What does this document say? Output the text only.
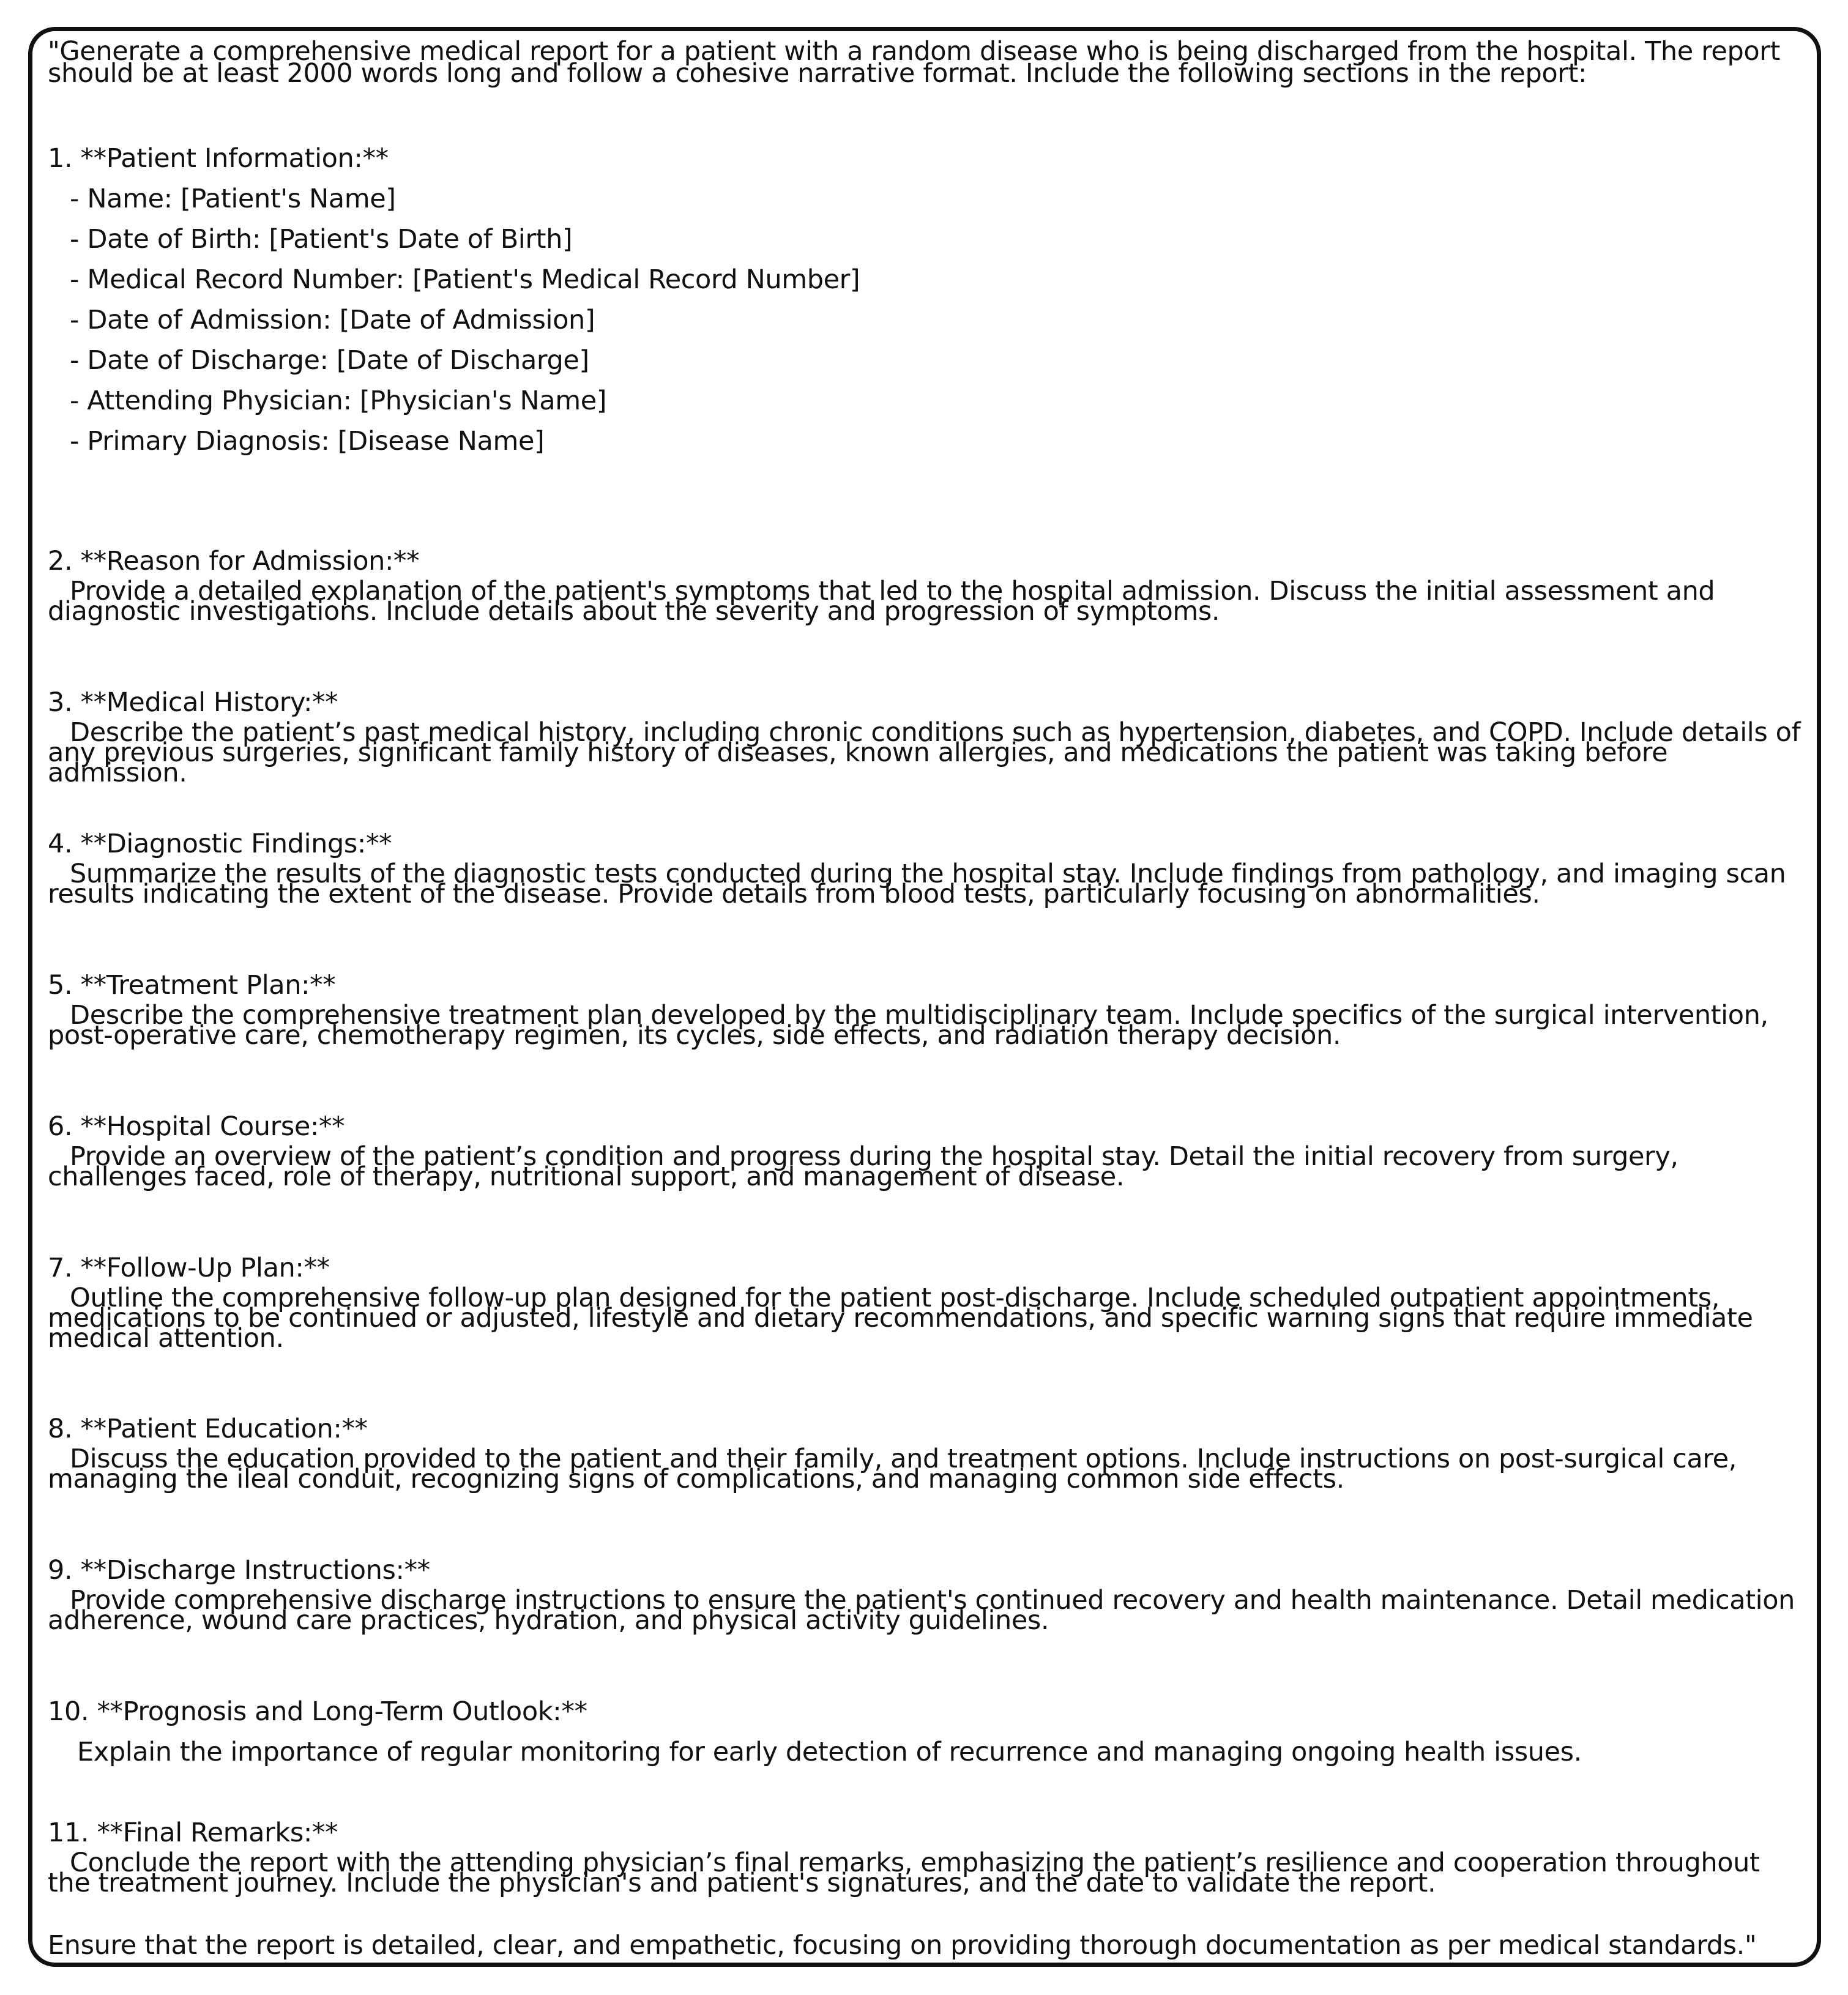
"Generate a comprehensive medical report for a patient with a random disease who is being discharged from the hospital. The report should be at least 2000 words long and follow a cohesive narrative format. Include the following sections in the report:

1. **Patient Information:**

- Name: [Patient's Name]
- Date of Birth: [Patient's Date of Birth]
- Medical Record Number: [Patient's Medical Record Number]
- Date of Admission: [Date of Admission]
- Date of Discharge: [Date of Discharge]
- Attending Physician: [Physician's Name]
- Primary Diagnosis: [Disease Name]

2. **Reason for Admission:**

Provide a detailed explanation of the patient's symptoms that led to the hospital admission. Discuss the initial assessment and diagnostic investigations. Include details about the severity and progression of symptoms.

3. **Medical History:**

Describe the patient’s past medical history, including chronic conditions such as hypertension, diabetes, and COPD. Include details of any previous surgeries, significant family history of diseases, known allergies, and medications the patient was taking before admission.

4. **Diagnostic Findings:**

Summarize the results of the diagnostic tests conducted during the hospital stay. Include findings from pathology, and imaging scan results indicating the extent of the disease. Provide details from blood tests, particularly focusing on abnormalities.

5. **Treatment Plan:**

Describe the comprehensive treatment plan developed by the multidisciplinary team. Include specifics of the surgical intervention, post-operative care, chemotherapy regimen, its cycles, side effects, and radiation therapy decision.

6. **Hospital Course:**

Provide an overview of the patient’s condition and progress during the hospital stay. Detail the initial recovery from surgery, challenges faced, role of therapy, nutritional support, and management of disease.

7. **Follow-Up Plan:**

Outline the comprehensive follow-up plan designed for the patient post-discharge. Include scheduled outpatient appointments, medications to be continued or adjusted, lifestyle and dietary recommendations, and specific warning signs that require immediate medical attention.

8. **Patient Education:**

Discuss the education provided to the patient and their family, and treatment options. Include instructions on post-surgical care, managing the ileal conduit, recognizing signs of complications, and managing common side effects.

9. **Discharge Instructions:**

Provide comprehensive discharge instructions to ensure the patient's continued recovery and health maintenance. Detail medication adherence, wound care practices, hydration, and physical activity guidelines.

10. **Prognosis and Long-Term Outlook:**

Explain the importance of regular monitoring for early detection of recurrence and managing ongoing health issues.

11. **Final Remarks:**

Conclude the report with the attending physician’s final remarks, emphasizing the patient’s resilience and cooperation throughout the treatment journey. Include the physician's and patient's signatures, and the date to validate the report.

Ensure that the report is detailed, clear, and empathetic, focusing on providing thorough documentation as per medical standards."
